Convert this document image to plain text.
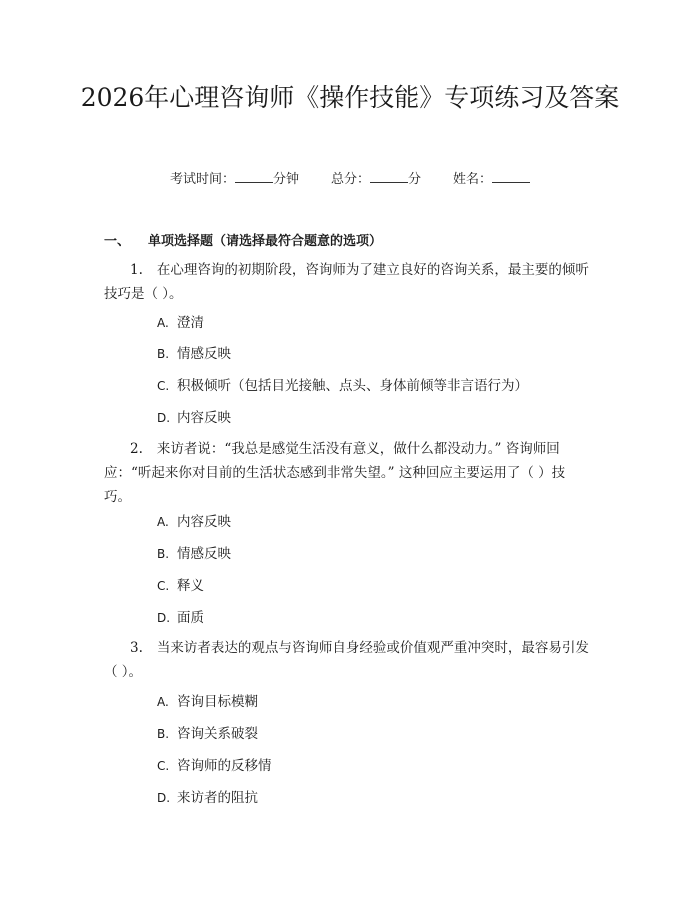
2026年心理咨询师《操作技能》专项练习及答案
考试时间：	分钟 总分：	分 姓名：
一、 单项选择题（请选择最符合题意的选项）
1. 在心理咨询的初期阶段，咨询师为了建立良好的咨询关系，最主要的倾听
技巧是（ ）。
A. 澄清
B. 情感反映
C. 积极倾听（包括目光接触、点头、身体前倾等非言语行为）
D. 内容反映
2. 来访者说：“我总是感觉生活没有意义，做什么都没动力。” 咨询师回
应：“听起来你对目前的生活状态感到非常失望。” 这种回应主要运用了（ ）技
巧。
A. 内容反映
B. 情感反映
C. 释义
D. 面质
3. 当来访者表达的观点与咨询师自身经验或价值观严重冲突时，最容易引发
（ ）。
A. 咨询目标模糊
B. 咨询关系破裂
C. 咨询师的反移情
D. 来访者的阻抗
